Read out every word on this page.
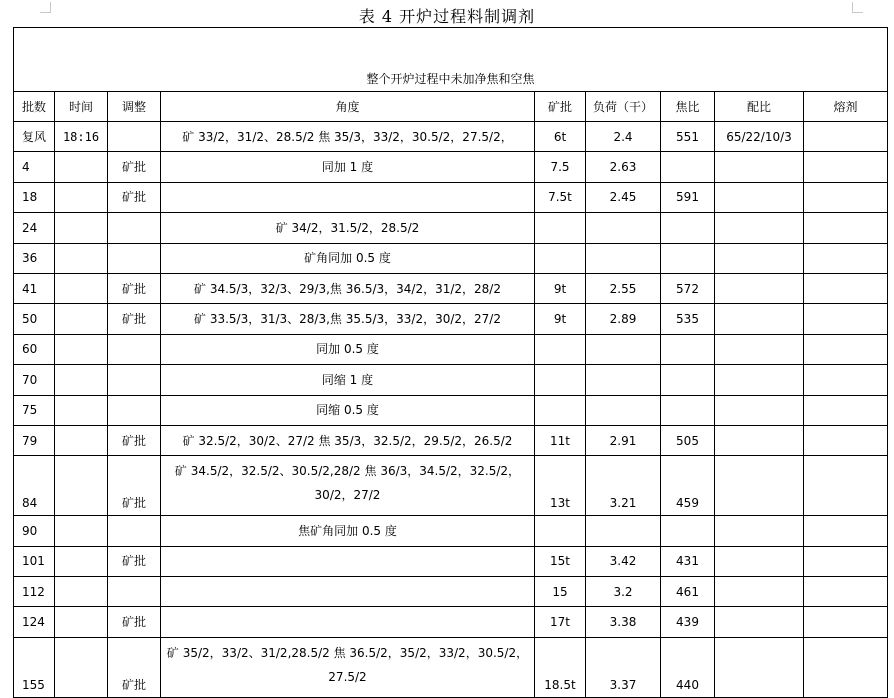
表 4 开炉过程料制调剂
整个开炉过程中未加净焦和空焦								
批数	时间	调整	角度	矿批	负荷（干）	焦比	配比	熔剂
复风	18:16		矿 33/2，31/2、28.5/2 焦 35/3，33/2，30.5/2，27.5/2，	6t	2.4	551	65/22/10/3	
4		矿批	同加 1 度	7.5	2.63			
18		矿批		7.5t	2.45	591		
24			矿 34/2，31.5/2，28.5/2					
36			矿角同加 0.5 度					
41		矿批	矿 34.5/3，32/3、29/3,焦 36.5/3，34/2，31/2，28/2	9t	2.55	572		
50		矿批	矿 33.5/3，31/3、28/3,焦 35.5/3，33/2，30/2，27/2	9t	2.89	535		
60			同加 0.5 度					
70			同缩 1 度					
75			同缩 0.5 度					
79		矿批	矿 32.5/2，30/2、27/2 焦 35/3，32.5/2，29.5/2，26.5/2	11t	2.91	505		
84		矿批	矿 34.5/2，32.5/2、30.5/2,28/2 焦 36/3，34.5/2，32.5/2，30/2，27/2	13t	3.21	459		
90			焦矿角同加 0.5 度					
101		矿批		15t	3.42	431		
112				15	3.2	461		
124		矿批		17t	3.38	439		
155		矿批	矿 35/2，33/2、31/2,28.5/2 焦 36.5/2，35/2，33/2，30.5/2，27.5/2	18.5t	3.37	440		
